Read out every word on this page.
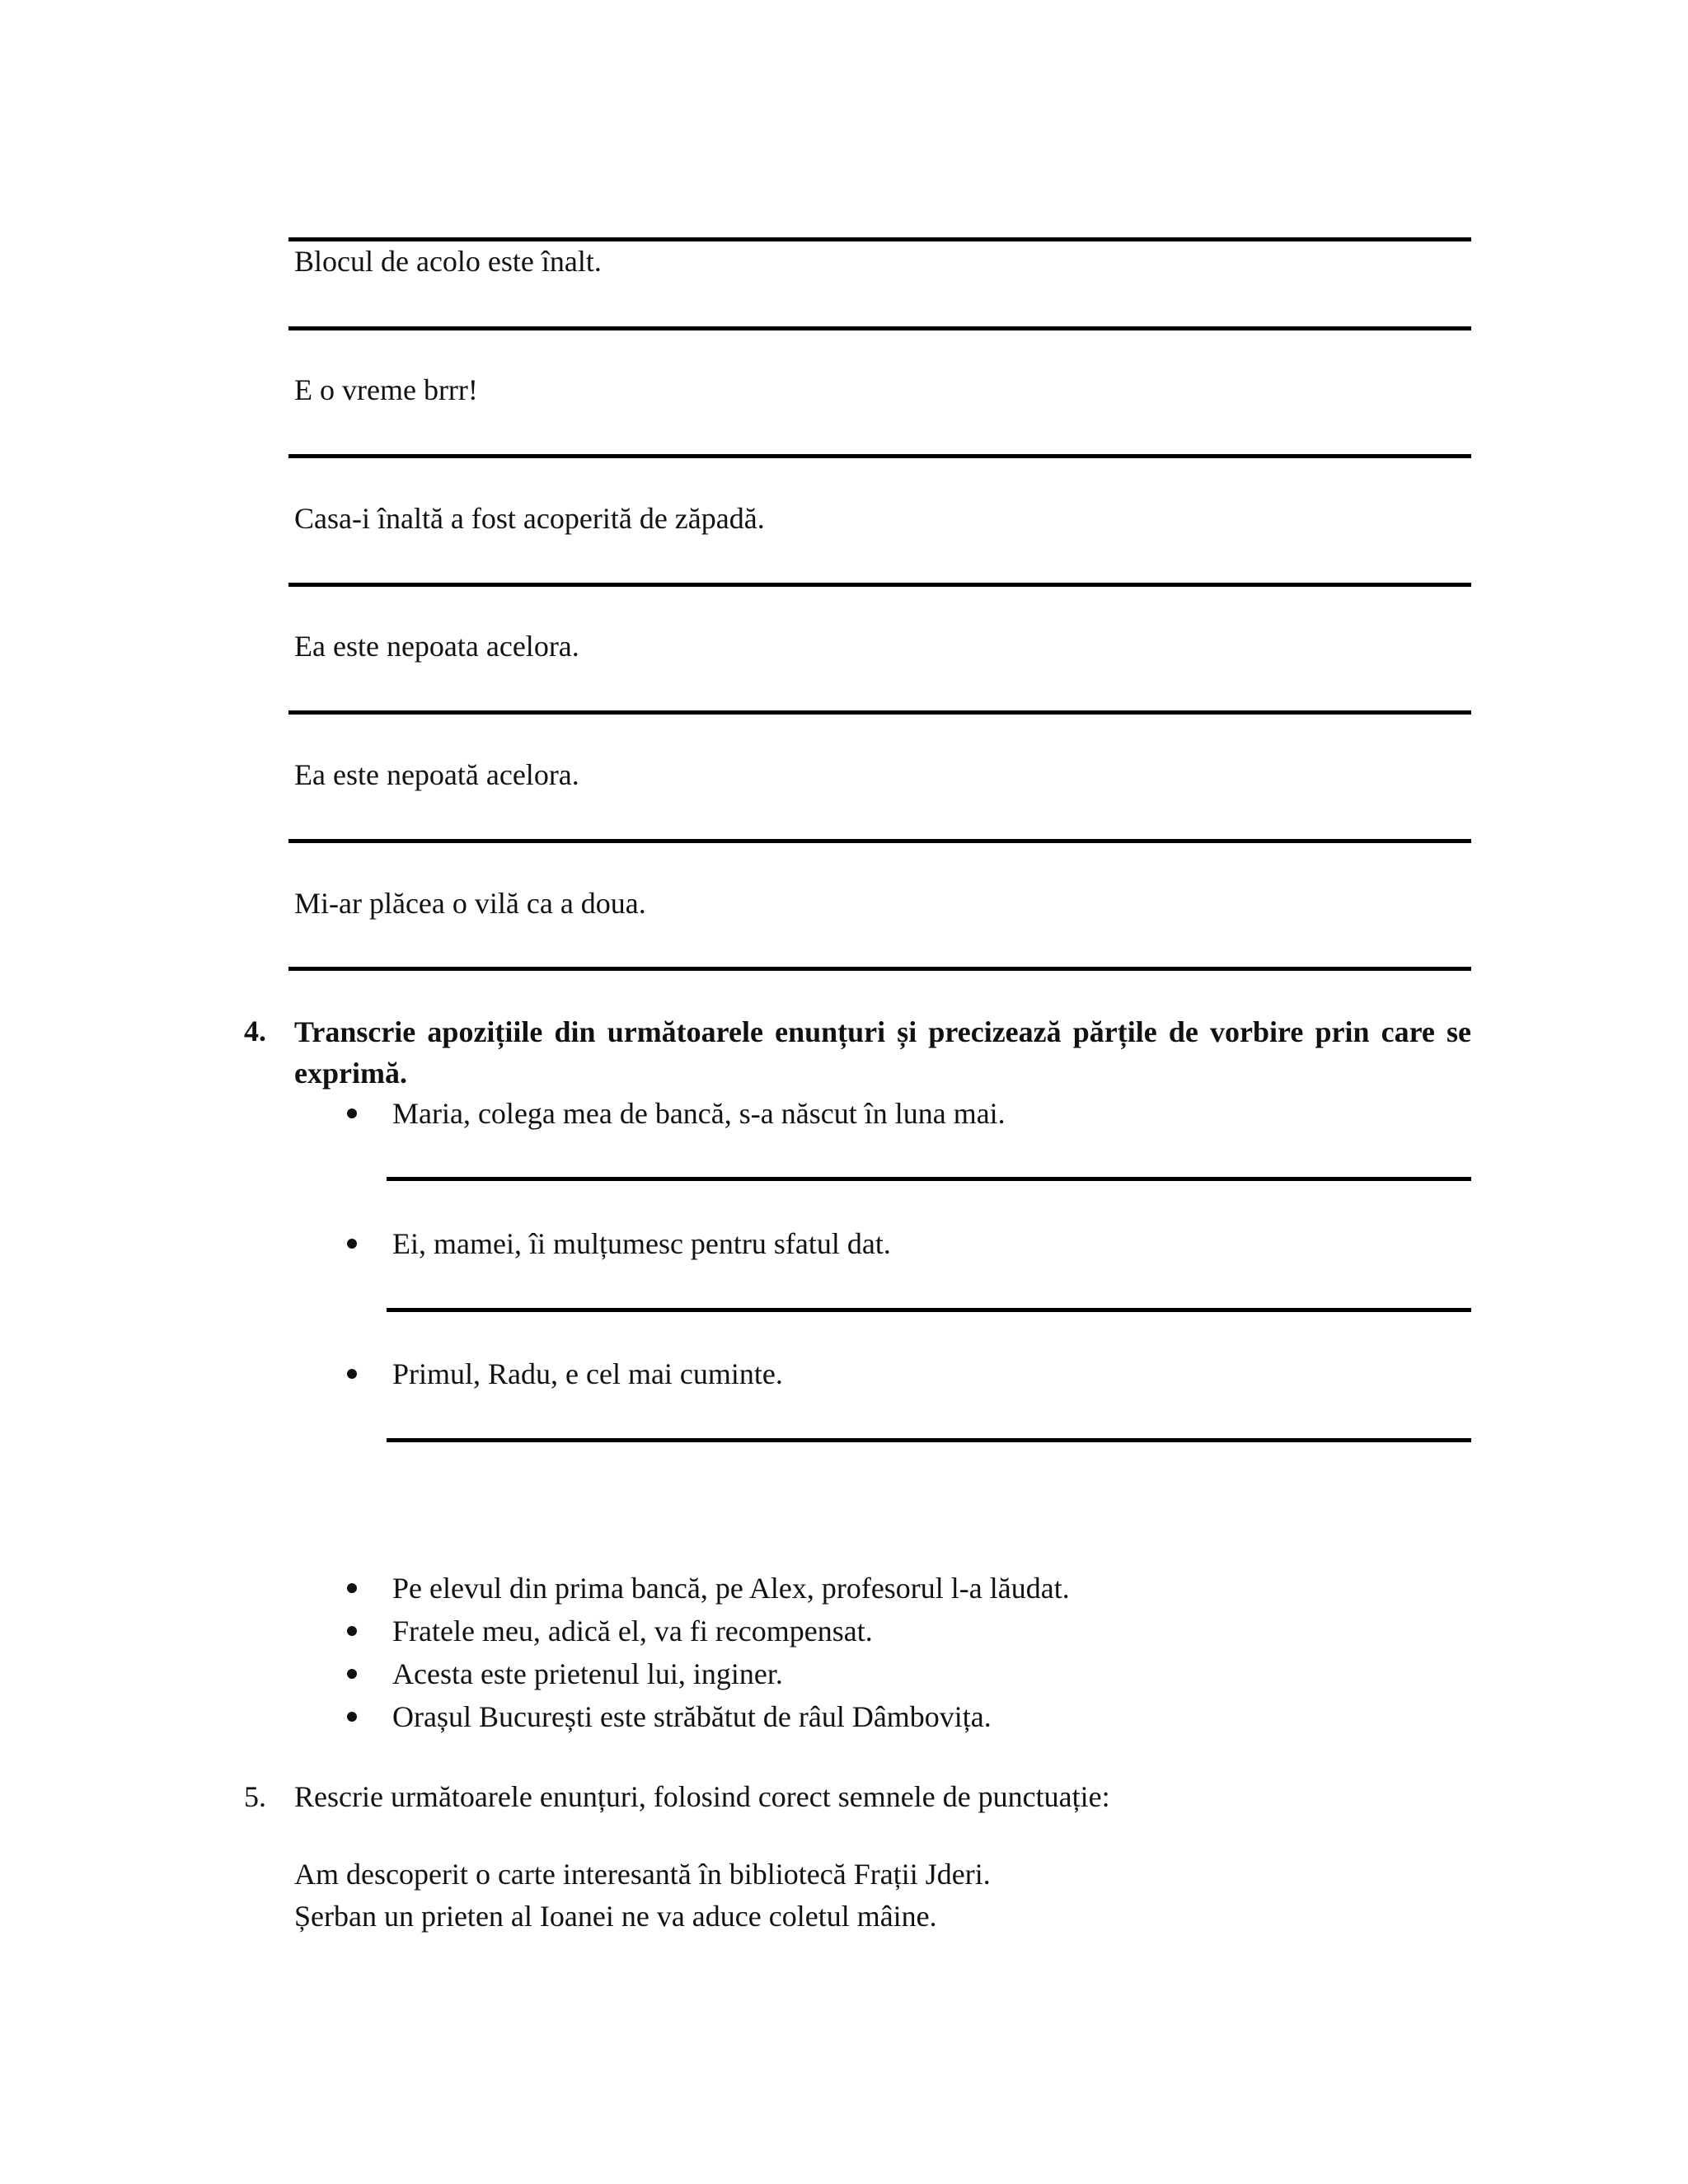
Blocul de acolo este înalt.
E o vreme brrr!
Casa-i înaltă a fost acoperită de zăpadă.
Ea este nepoata acelora.
Ea este nepoată acelora.
Mi-ar plăcea o vilă ca a doua.
4. Transcrie apozițiile din următoarele enunțuri și precizează părțile de vorbire prin care se exprimă.
Maria, colega mea de bancă, s-a născut în luna mai.
Ei, mamei, îi mulțumesc pentru sfatul dat.
Primul, Radu, e cel mai cuminte.
Pe elevul din prima bancă, pe Alex, profesorul l-a lăudat.
Fratele meu, adică el, va fi recompensat.
Acesta este prietenul lui, inginer.
Orașul București este străbătut de râul Dâmbovița.
5. Rescrie următoarele enunțuri, folosind corect semnele de punctuație:
Am descoperit o carte interesantă în bibliotecă Frații Jderi.
Șerban un prieten al Ioanei ne va aduce coletul mâine.
